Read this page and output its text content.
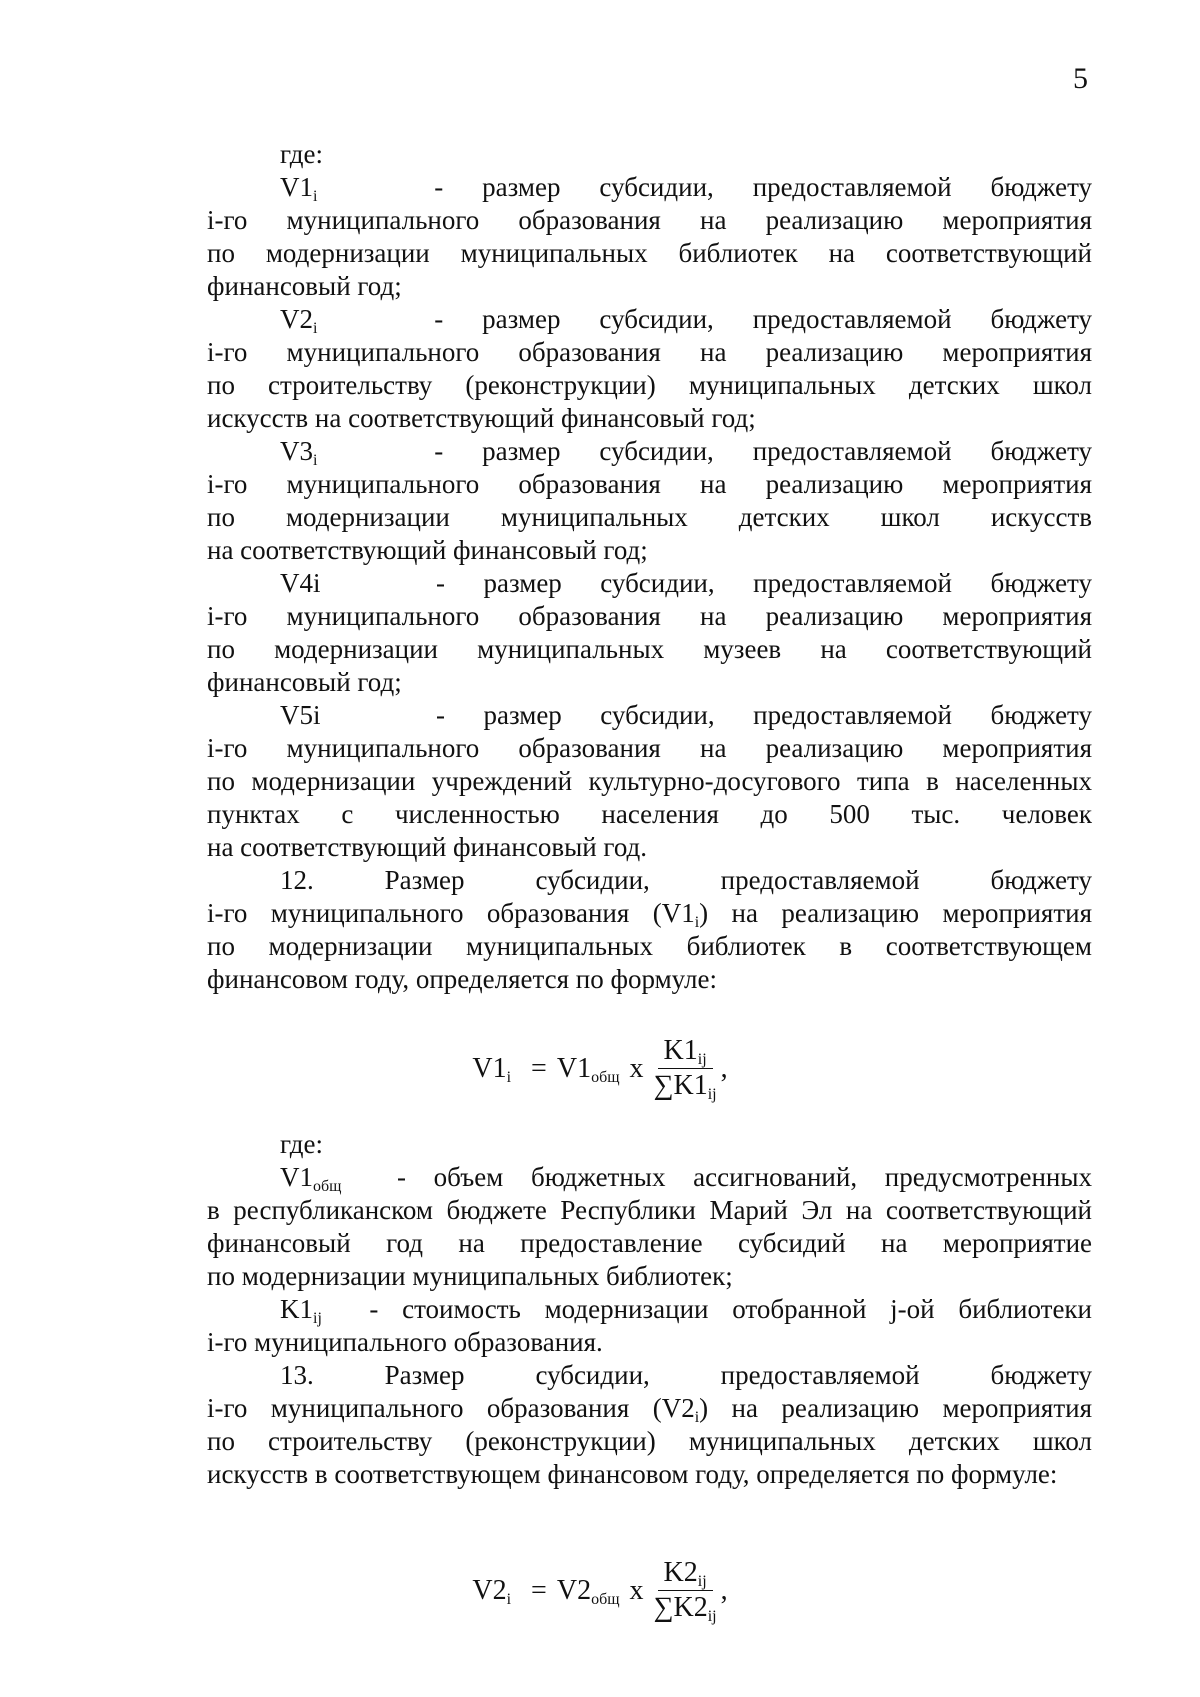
5
где:
$V1_i$	- размер субсидии, предоставляемой бюджету
i-го муниципального образования на реализацию мероприятия
по модернизации муниципальных библиотек на соответствующий
финансовый год;
$V2_i$	- размер субсидии, предоставляемой бюджету
i-го муниципального образования на реализацию мероприятия
по строительству (реконструкции) муниципальных детских школ
искусств на соответствующий финансовый год;
$V3_i$	- размер субсидии, предоставляемой бюджету
i-го муниципального образования на реализацию мероприятия
по модернизации муниципальных детских школ искусств
на соответствующий финансовый год;
V4i	- размер субсидии, предоставляемой бюджету
i-го муниципального образования на реализацию мероприятия
по модернизации муниципальных музеев на соответствующий
финансовый год;
V5i	- размер субсидии, предоставляемой бюджету
i-го муниципального образования на реализацию мероприятия
по модернизации учреждений культурно-досугового типа в населенных
пунктах с численностью населения до 500 тыс. человек
на соответствующий финансовый год.
12. Размер субсидии, предоставляемой бюджету
i-го муниципального образования $(V1_i)$ на реализацию мероприятия
по модернизации муниципальных библиотек в соответствующем
финансовом году, определяется по формуле:
$V1_i = V1_{общ}$ x $\frac{K1_{ij}}{\sum K1_{ij}}$ ,
где:
$V1_{общ}$ - объем бюджетных ассигнований, предусмотренных
в республиканском бюджете Республики Марий Эл на соответствующий
финансовый год на предоставление субсидий на мероприятие
по модернизации муниципальных библиотек;
$K1_{ij}$ - стоимость модернизации отобранной j-ой библиотеки
i-го муниципального образования.
13. Размер субсидии, предоставляемой бюджету
i-го муниципального образования $(V2_i)$ на реализацию мероприятия
по строительству (реконструкции) муниципальных детских школ
искусств в соответствующем финансовом году, определяется по формуле:
$V2_i = V2_{общ}$ x $\frac{K2_{ij}}{\sum K2_{ij}}$ ,
